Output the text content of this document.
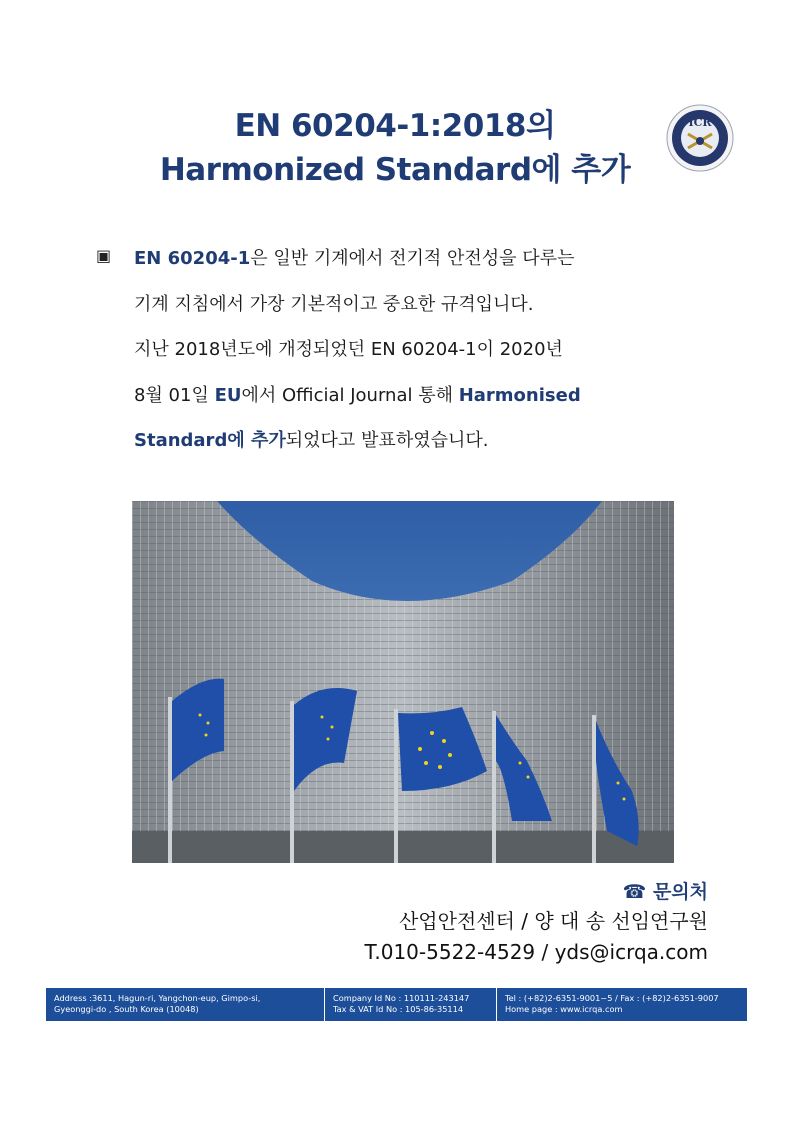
EN 60204-1:2018의
Harmonized Standard에 추가
ICR
▣ EN 60204-1은 일반 기계에서 전기적 안전성을 다루는
기계 지침에서 가장 기본적이고 중요한 규격입니다.
지난 2018년도에 개정되었던 EN 60204-1이 2020년
8월 01일 EU에서 Official Journal 통해 Harmonised
Standard에 추가되었다고 발표하였습니다.
☎ 문의처
산업안전센터 / 양 대 송 선임연구원
T.010-5522-4529 / yds@icrqa.com
Address :3611, Hagun-ri, Yangchon-eup, Gimpo-si,
Gyeonggi-do , South Korea (10048)
Company Id No : 110111-243147
Tax & VAT Id No : 105-86-35114
Tel : (+82)2-6351-9001~5 / Fax : (+82)2-6351-9007
Home page : www.icrqa.com
